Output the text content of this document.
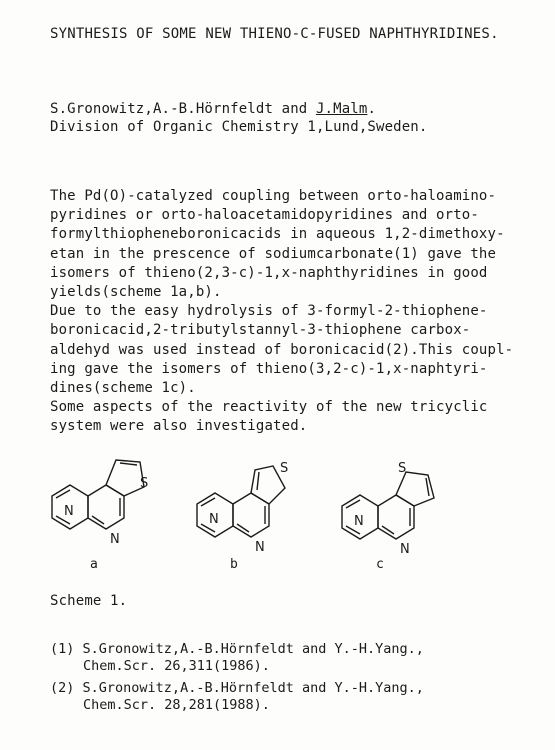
SYNTHESIS OF SOME NEW THIENO-C-FUSED NAPHTHYRIDINES.
S.Gronowitz,A.-B.Hörnfeldt and J.Malm.
Division of Organic Chemistry 1,Lund,Sweden.
The Pd(O)-catalyzed coupling between orto-haloamino-
pyridines or orto-haloacetamidopyridines and orto-
formylthiopheneboronicacids in aqueous 1,2-dimethoxy-
etan in the prescence of sodiumcarbonate(1) gave the
isomers of thieno(2,3-c)-1,x-naphthyridines in good
yields(scheme 1a,b).
Due to the easy hydrolysis of 3-formyl-2-thiophene-
boronicacid,2-tributylstannyl-3-thiophene carbox-
aldehyd was used instead of boronicacid(2).This coupl-
ing gave the isomers of thieno(3,2-c)-1,x-naphtyri-
dines(scheme 1c).
Some aspects of the reactivity of the new tricyclic
system were also investigated.
N
N
S
N
N
S
N
N
S
a	b	c
Scheme 1.
(1) S.Gronowitz,A.-B.Hörnfeldt and Y.-H.Yang.,
Chem.Scr. 26,311(1986).
(2) S.Gronowitz,A.-B.Hörnfeldt and Y.-H.Yang.,
Chem.Scr. 28,281(1988).
